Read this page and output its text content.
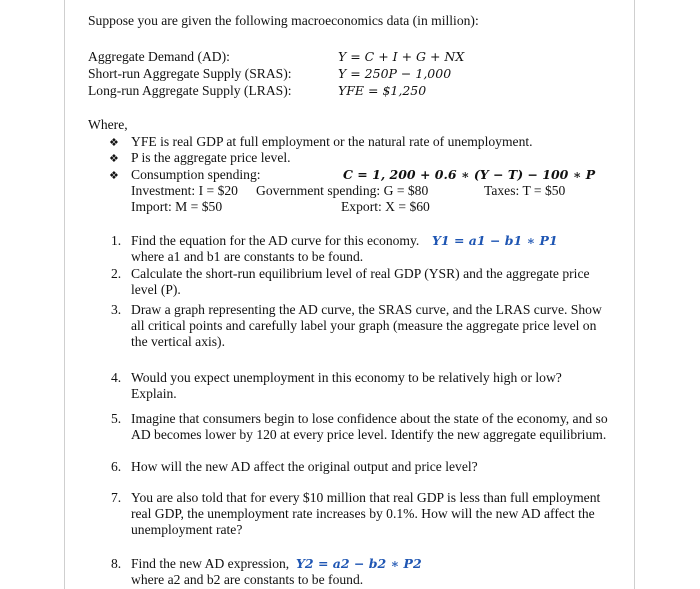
Suppose you are given the following macroeconomics data (in million):
Aggregate Demand (AD):	Y = C + I + G + NX
Short-run Aggregate Supply (SRAS):	Y = 250P − 1,000
Long-run Aggregate Supply (LRAS):	YFE = $1,250
Where,
❖ YFE is real GDP at full employment or the natural rate of unemployment.
❖ P is the aggregate price level.
❖ Consumption spending:	C = 1, 200 + 0.6 ∗ (Y − T) − 100 ∗ P
Investment: I = $20 Government spending: G = $80	Taxes: T = $50
Import: M = $50	Export: X = $60
1. Find the equation for the AD curve for this economy. Y1 = a1 − b1 ∗ P1
where a1 and b1 are constants to be found.
2. Calculate the short-run equilibrium level of real GDP (YSR) and the aggregate price level (P).
3. Draw a graph representing the AD curve, the SRAS curve, and the LRAS curve. Show all critical points and carefully label your graph (measure the aggregate price level on the vertical axis).
4. Would you expect unemployment in this economy to be relatively high or low? Explain.
5. Imagine that consumers begin to lose confidence about the state of the economy, and so AD becomes lower by 120 at every price level. Identify the new aggregate equilibrium.
6. How will the new AD affect the original output and price level?
7. You are also told that for every $10 million that real GDP is less than full employment real GDP, the unemployment rate increases by 0.1%. How will the new AD affect the unemployment rate?
8. Find the new AD expression, Y2 = a2 − b2 ∗ P2
where a2 and b2 are constants to be found.
